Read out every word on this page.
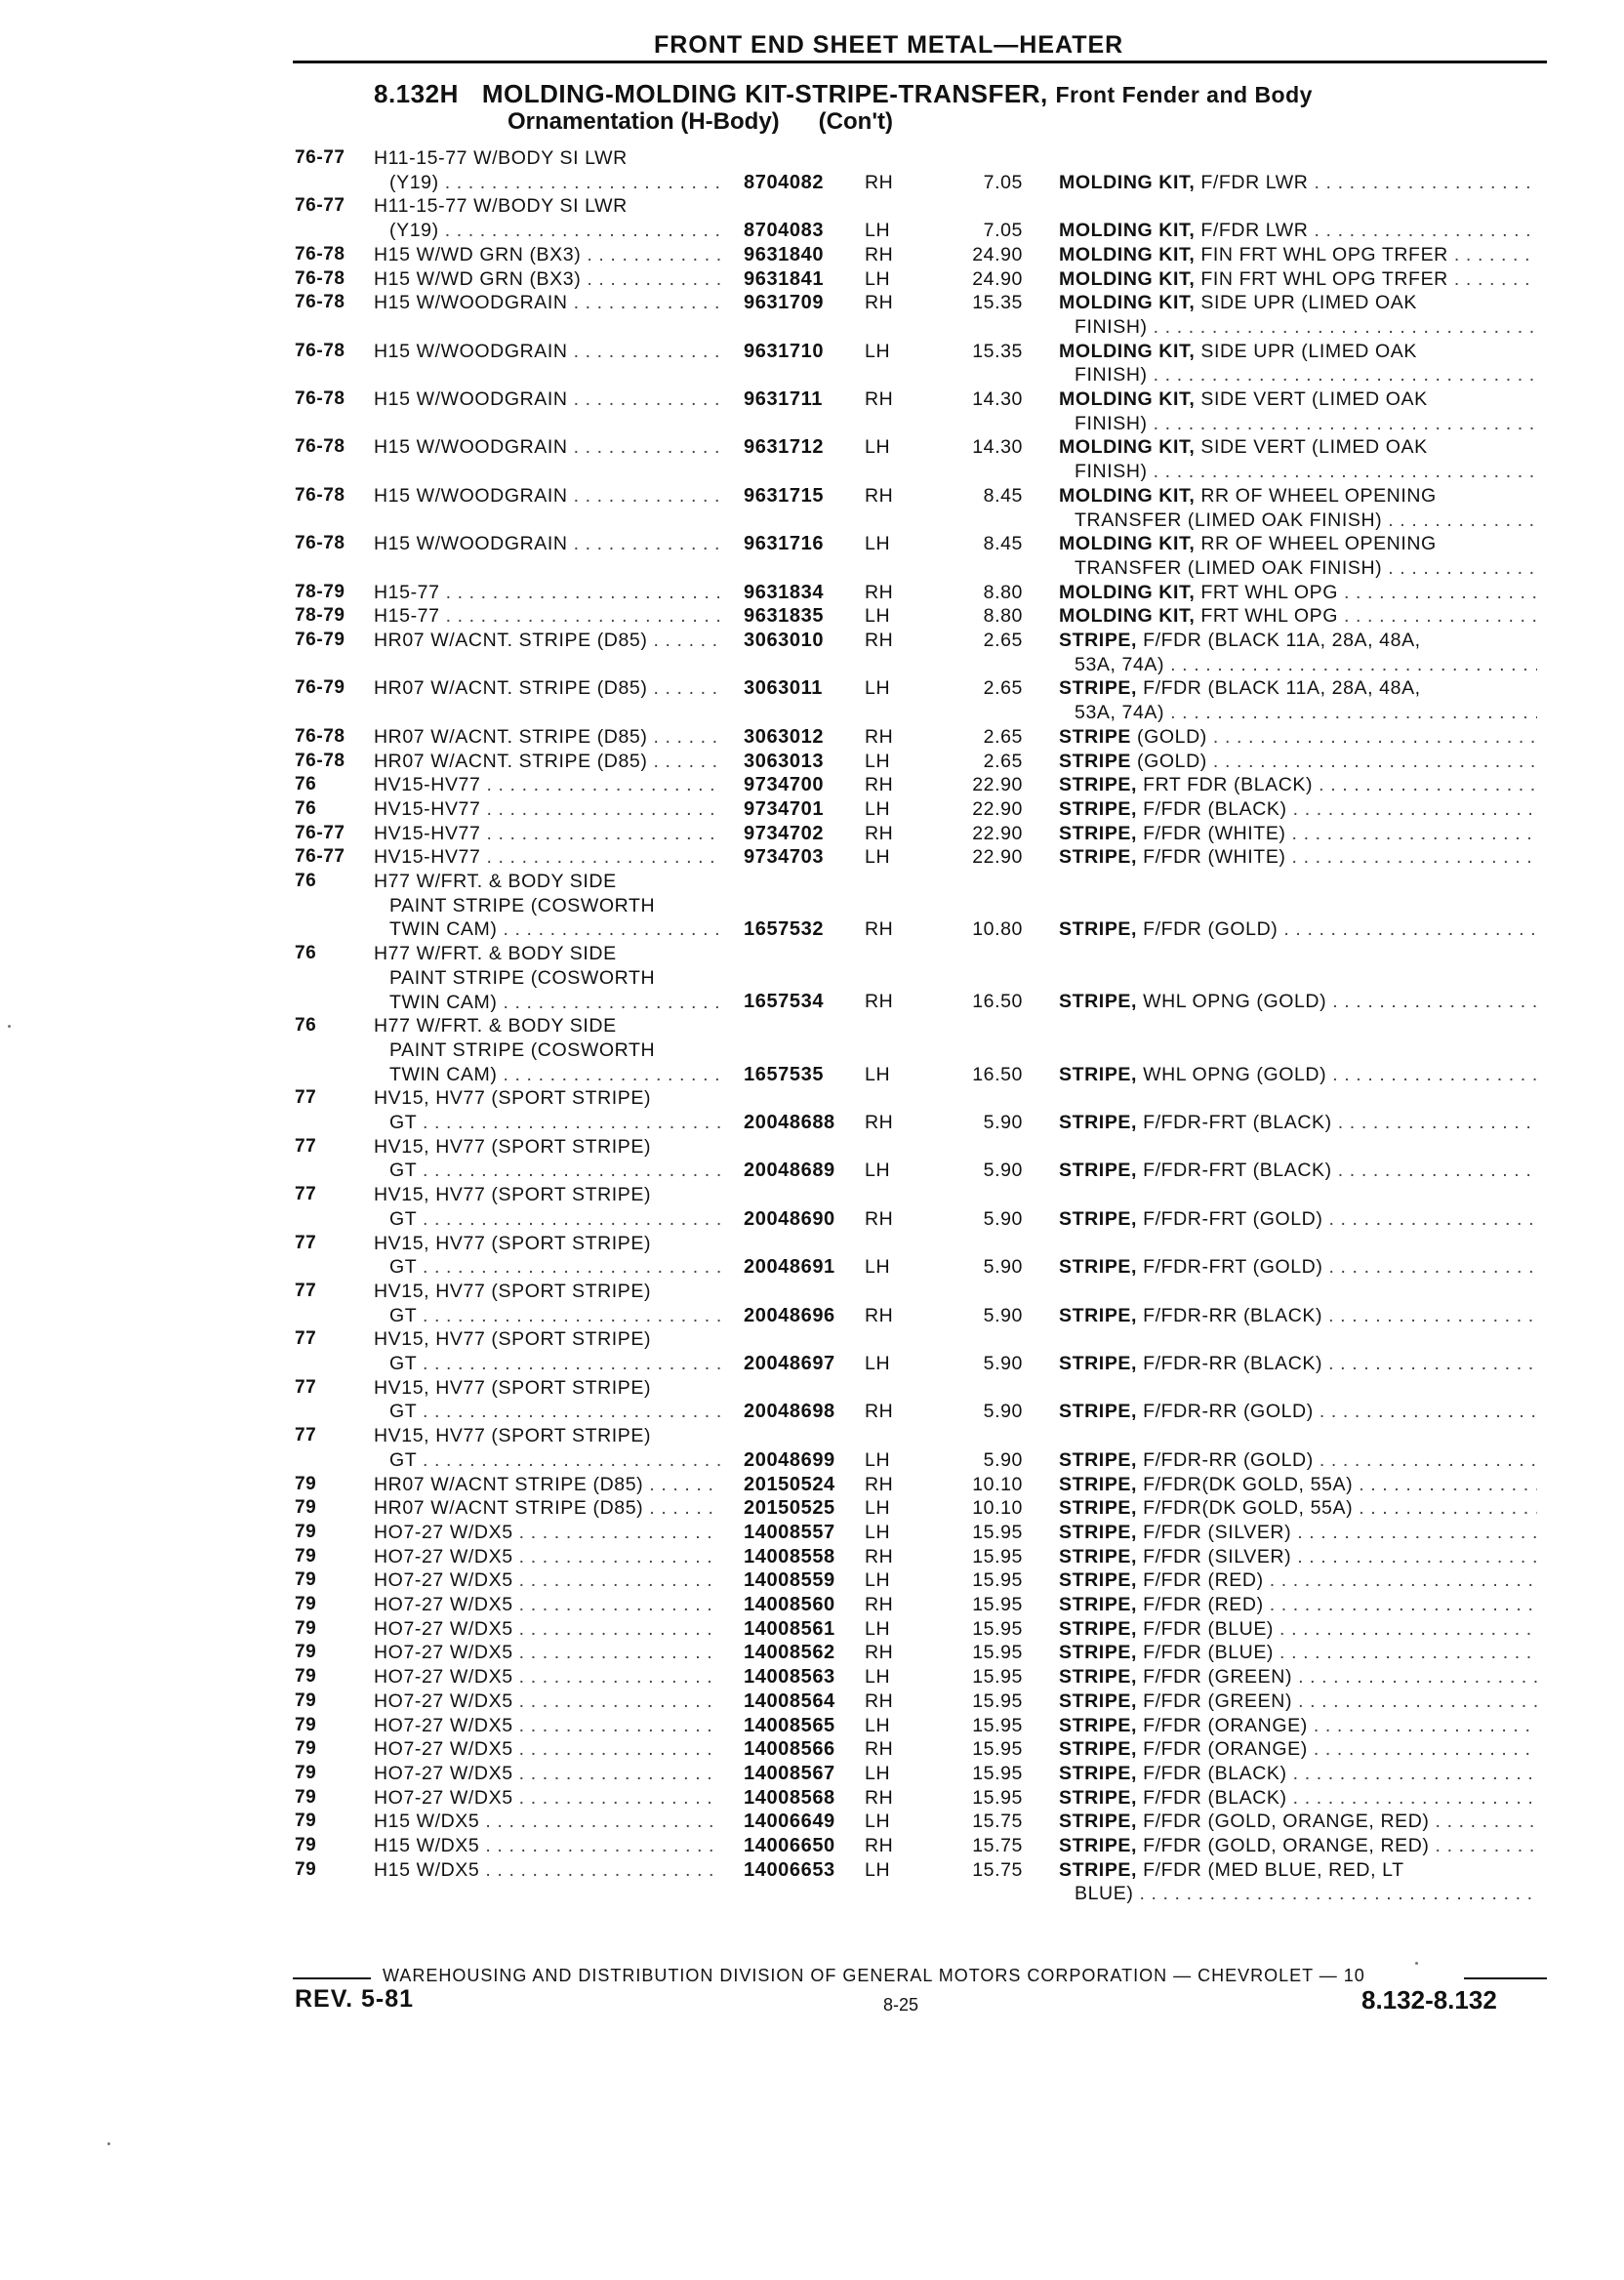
FRONT END SHEET METAL—HEATER
8.132H MOLDING-MOLDING KIT-STRIPE-TRANSFER, Front Fender and Body
Ornamentation (H-Body) (Con't)
76-77 H11-15-77 W/BODY SI LWR
(Y19) . . .	8704082 RH	7.05 MOLDING KIT, F/FDR LWR . . .
76-77 H11-15-77 W/BODY SI LWR
(Y19) . . .	8704083 LH	7.05 MOLDING KIT, F/FDR LWR . . .
76-78 H15 W/WD GRN (BX3) . . .	9631840 RH	24.90 MOLDING KIT, FIN FRT WHL OPG TRFER . . .
76-78 H15 W/WD GRN (BX3) . . .	9631841 LH	24.90 MOLDING KIT, FIN FRT WHL OPG TRFER . . .
76-78 H15 W/WOODGRAIN . . .	9631709 RH	15.35 MOLDING KIT, SIDE UPR (LIMED OAK
FINISH) . . .
76-78 H15 W/WOODGRAIN . . .	9631710 LH	15.35 MOLDING KIT, SIDE UPR (LIMED OAK
FINISH) . . .
76-78 H15 W/WOODGRAIN . . .	9631711 RH	14.30 MOLDING KIT, SIDE VERT (LIMED OAK
FINISH) . . .
76-78 H15 W/WOODGRAIN . . .	9631712 LH	14.30 MOLDING KIT, SIDE VERT (LIMED OAK
FINISH) . . .
76-78 H15 W/WOODGRAIN . . .	9631715 RH	8.45 MOLDING KIT, RR OF WHEEL OPENING
TRANSFER (LIMED OAK FINISH) . . .
76-78 H15 W/WOODGRAIN . . .	9631716 LH	8.45 MOLDING KIT, RR OF WHEEL OPENING
TRANSFER (LIMED OAK FINISH) . . .
78-79 H15-77 . . .	9631834 RH	8.80 MOLDING KIT, FRT WHL OPG . . .
78-79 H15-77 . . .	9631835 LH	8.80 MOLDING KIT, FRT WHL OPG . . .
76-79 HR07 W/ACNT. STRIPE (D85) . . .	3063010 RH	2.65 STRIPE, F/FDR (BLACK 11A, 28A, 48A,
53A, 74A) . . .
76-79 HR07 W/ACNT. STRIPE (D85) . . .	3063011 LH	2.65 STRIPE, F/FDR (BLACK 11A, 28A, 48A,
53A, 74A) . . .
76-78 HR07 W/ACNT. STRIPE (D85) . . .	3063012 RH	2.65 STRIPE (GOLD) . . .
76-78 HR07 W/ACNT. STRIPE (D85) . . .	3063013 LH	2.65 STRIPE (GOLD) . . .
76	HV15-HV77 . . .	9734700 RH	22.90 STRIPE, FRT FDR (BLACK) . . .
76	HV15-HV77 . . .	9734701 LH	22.90 STRIPE, F/FDR (BLACK) . . .
76-77 HV15-HV77 . . .	9734702 RH	22.90 STRIPE, F/FDR (WHITE) . . .
76-77 HV15-HV77 . . .	9734703 LH	22.90 STRIPE, F/FDR (WHITE) . . .
76	H77 W/FRT. & BODY SIDE
PAINT STRIPE (COSWORTH
TWIN CAM) . . .	1657532 RH	10.80 STRIPE, F/FDR (GOLD) . . .
76	H77 W/FRT. & BODY SIDE
PAINT STRIPE (COSWORTH
TWIN CAM) . . .	1657534 RH	16.50 STRIPE, WHL OPNG (GOLD) . . .
76	H77 W/FRT. & BODY SIDE
PAINT STRIPE (COSWORTH
TWIN CAM) . . .	1657535 LH	16.50 STRIPE, WHL OPNG (GOLD) . . .
77	HV15, HV77 (SPORT STRIPE)
GT . . .	20048688 RH	5.90 STRIPE, F/FDR-FRT (BLACK) . . .
77	HV15, HV77 (SPORT STRIPE)
GT . . .	20048689 LH	5.90 STRIPE, F/FDR-FRT (BLACK) . . .
77	HV15, HV77 (SPORT STRIPE)
GT . . .	20048690 RH	5.90 STRIPE, F/FDR-FRT (GOLD) . . .
77	HV15, HV77 (SPORT STRIPE)
GT . . .	20048691 LH	5.90 STRIPE, F/FDR-FRT (GOLD) . . .
77	HV15, HV77 (SPORT STRIPE)
GT . . .	20048696 RH	5.90 STRIPE, F/FDR-RR (BLACK) . . .
77	HV15, HV77 (SPORT STRIPE)
GT . . .	20048697 LH	5.90 STRIPE, F/FDR-RR (BLACK) . . .
77	HV15, HV77 (SPORT STRIPE)
GT . . .	20048698 RH	5.90 STRIPE, F/FDR-RR (GOLD) . . .
77	HV15, HV77 (SPORT STRIPE)
GT . . .	20048699 LH	5.90 STRIPE, F/FDR-RR (GOLD) . . .
79	HR07 W/ACNT STRIPE (D85) . . .	20150524 RH	10.10 STRIPE, F/FDR(DK GOLD, 55A) . . .
79	HR07 W/ACNT STRIPE (D85) . . .	20150525 LH	10.10 STRIPE, F/FDR(DK GOLD, 55A) . . .
79	HO7-27 W/DX5 . . .	14008557 LH	15.95 STRIPE, F/FDR (SILVER) . . .
79	HO7-27 W/DX5 . . .	14008558 RH	15.95 STRIPE, F/FDR (SILVER) . . .
79	HO7-27 W/DX5 . . .	14008559 LH	15.95 STRIPE, F/FDR (RED) . . .
79	HO7-27 W/DX5 . . .	14008560 RH	15.95 STRIPE, F/FDR (RED) . . .
79	HO7-27 W/DX5 . . .	14008561 LH	15.95 STRIPE, F/FDR (BLUE) . . .
79	HO7-27 W/DX5 . . .	14008562 RH	15.95 STRIPE, F/FDR (BLUE) . . .
79	HO7-27 W/DX5 . . .	14008563 LH	15.95 STRIPE, F/FDR (GREEN) . . .
79	HO7-27 W/DX5 . . .	14008564 RH	15.95 STRIPE, F/FDR (GREEN) . . .
79	HO7-27 W/DX5 . . .	14008565 LH	15.95 STRIPE, F/FDR (ORANGE) . . .
79	HO7-27 W/DX5 . . .	14008566 RH	15.95 STRIPE, F/FDR (ORANGE) . . .
79	HO7-27 W/DX5 . . .	14008567 LH	15.95 STRIPE, F/FDR (BLACK) . . .
79	HO7-27 W/DX5 . . .	14008568 RH	15.95 STRIPE, F/FDR (BLACK) . . .
79	H15 W/DX5 . . .	14006649 LH	15.75 STRIPE, F/FDR (GOLD, ORANGE, RED) . . .
79	H15 W/DX5 . . .	14006650 RH	15.75 STRIPE, F/FDR (GOLD, ORANGE, RED) . . .
79	H15 W/DX5 . . .	14006653 LH	15.75 STRIPE, F/FDR (MED BLUE, RED, LT
BLUE) . . .
WAREHOUSING AND DISTRIBUTION DIVISION OF GENERAL MOTORS CORPORATION — CHEVROLET — 10
REV. 5-81	8-25	8.132-8.132
